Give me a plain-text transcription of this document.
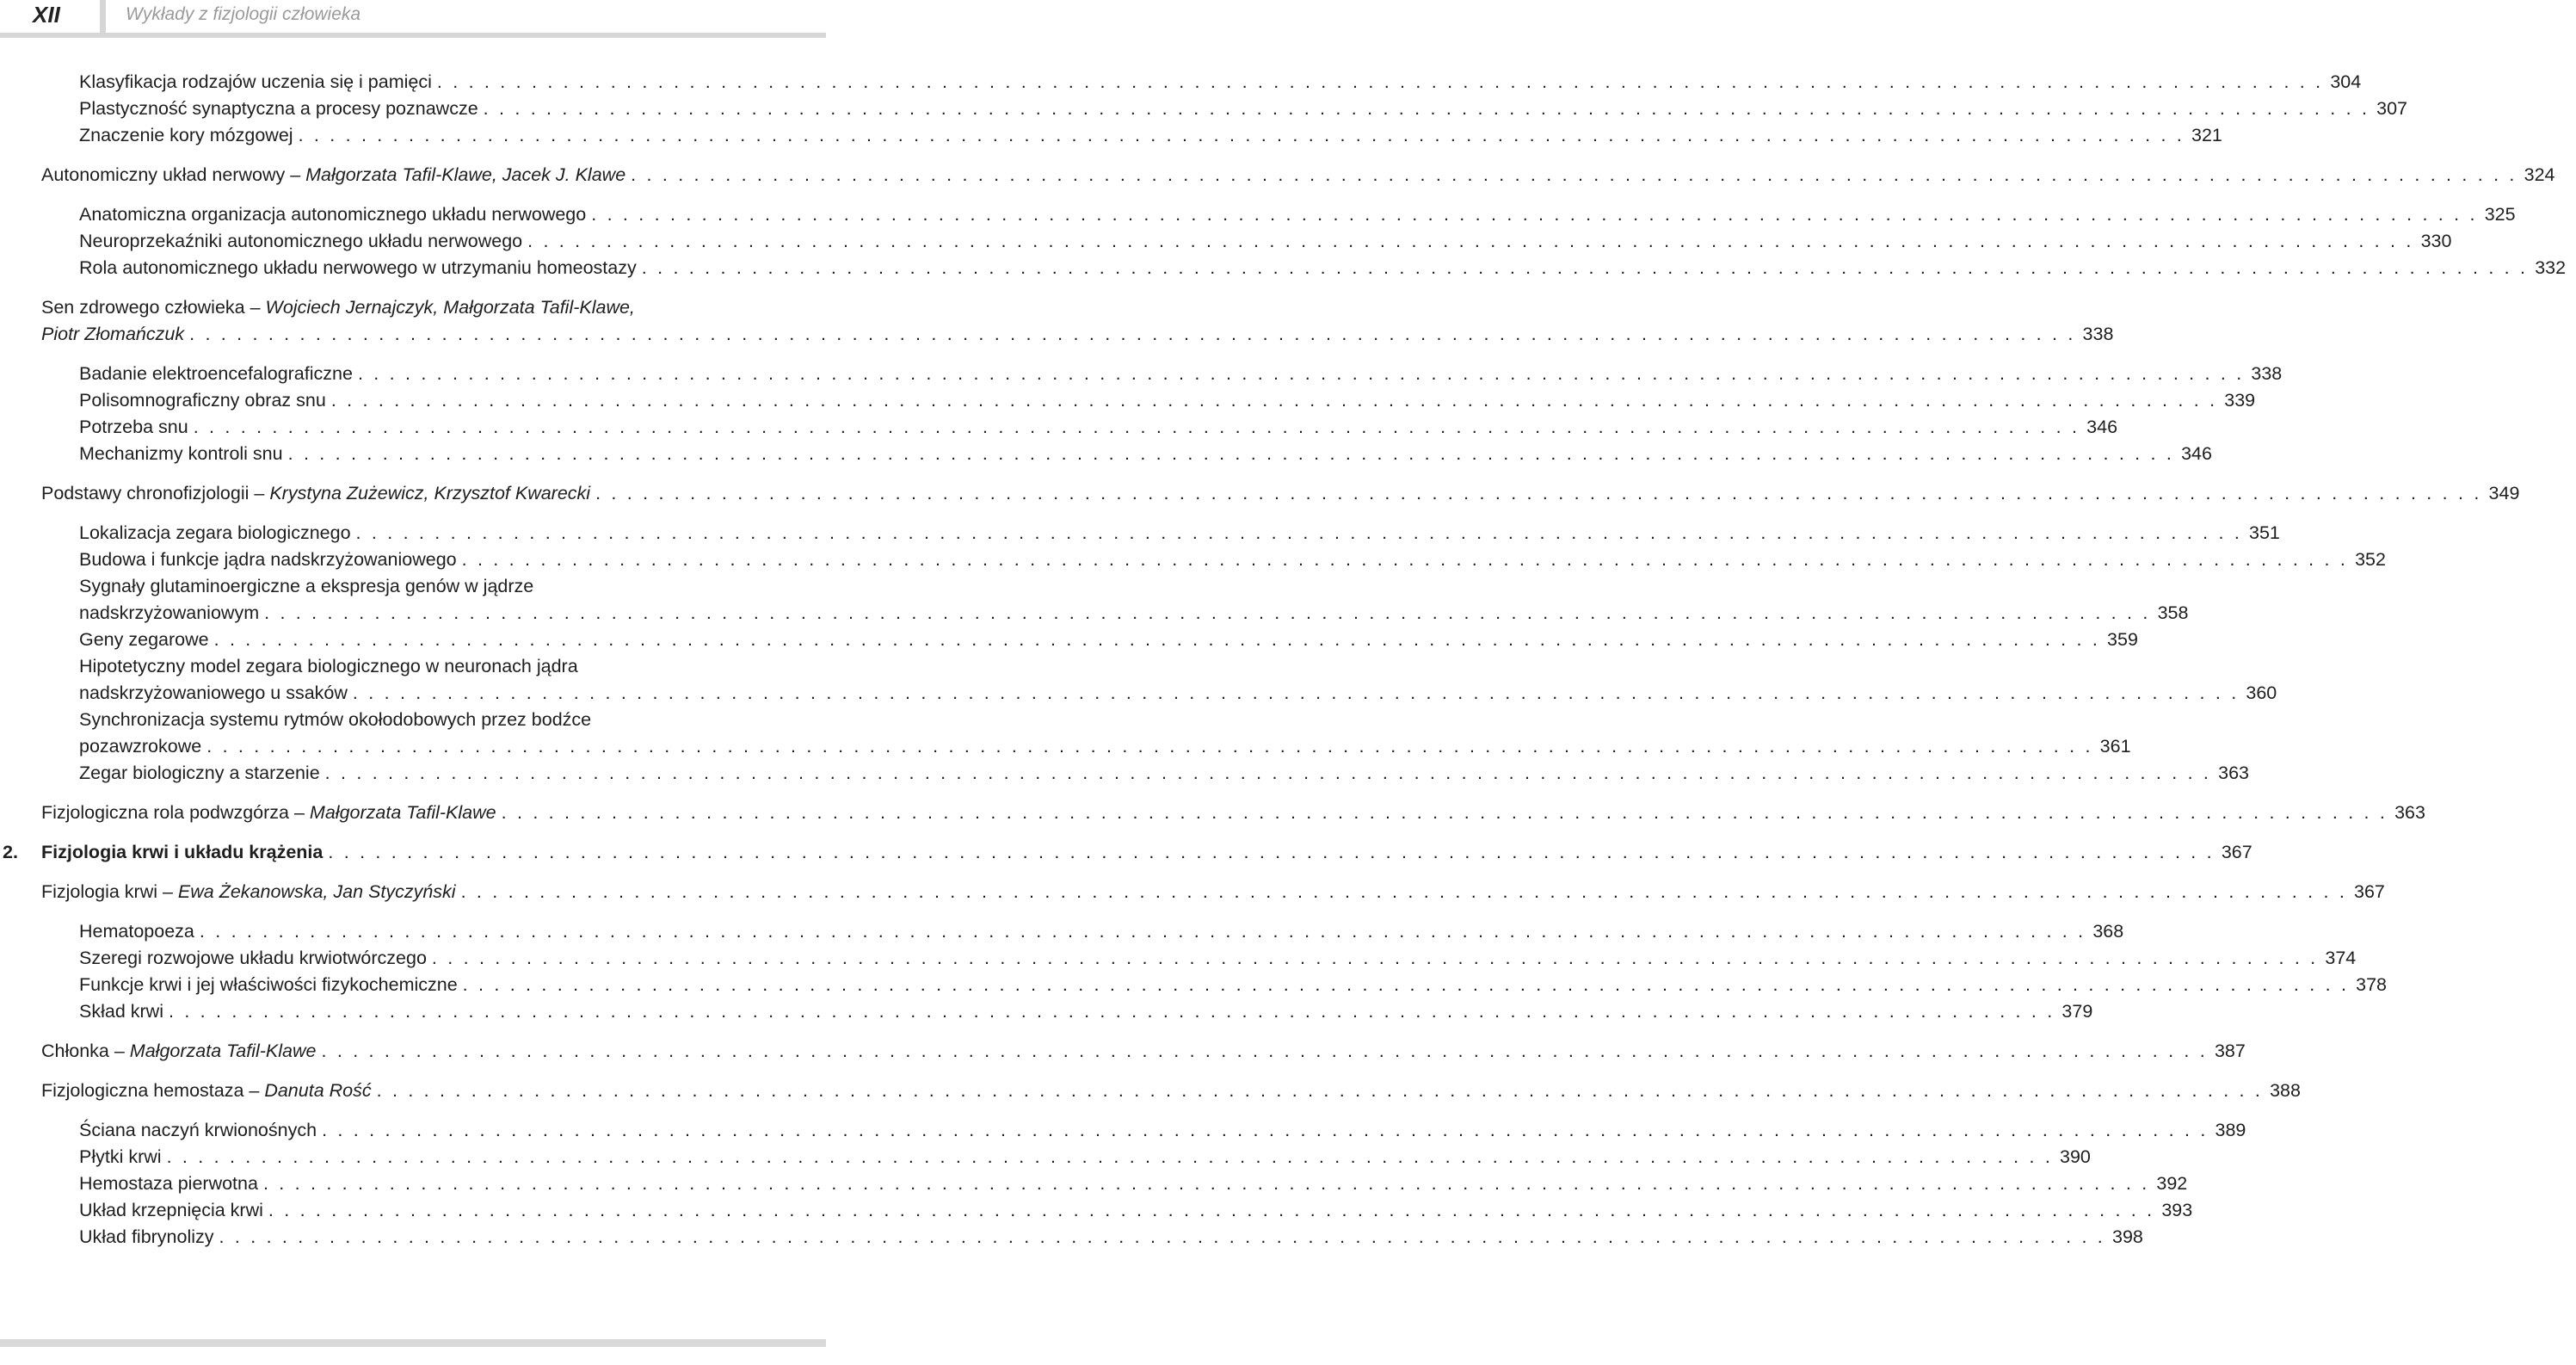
XII	Wykłady z fizjologii człowieka
Klasyfikacja rodzajów uczenia się i pamięci . . . . . . . . . . . . . . . . . . . . . . . . . . . . . . . . . . . . . . . . . . . . . . . . . . . . . . . . . . . . . . . . . . . . . . . . . . . . . . . . . . . . . . . . . . . . . . . . . . . . . . . . . . . . . . . . . . . . . . . . 304
Plastyczność synaptyczna a procesy poznawcze . . . . . . . . . . . . . . . . . . . . . . . . . . . . . . . . . . . . . . . . . . . . . . . . . . . . . . . . . . . . . . . . . . . . . . . . . . . . . . . . . . . . . . . . . . . . . . . . . . . . . . . . . . . . . . . . . . . . . . . . 307
Znaczenie kory mózgowej . . . . . . . . . . . . . . . . . . . . . . . . . . . . . . . . . . . . . . . . . . . . . . . . . . . . . . . . . . . . . . . . . . . . . . . . . . . . . . . . . . . . . . . . . . . . . . . . . . . . . . . . . . . . . . . . . . . . . . . . 321
Autonomiczny układ nerwowy – Małgorzata Tafil-Klawe, Jacek J. Klawe . . . . . . . . . . . . . . . . . . . . . . . . . . . . . . . . . . . . . . . . . . . . . . . . . . . . . . . . . . . . . . . . . . . . . . . . . . . . . . . . . . . . . . . . . . . . . . . . . . . . . . . . . . . . . . . . . . . . . . . . 324
Anatomiczna organizacja autonomicznego układu nerwowego . . . . . . . . . . . . . . . . . . . . . . . . . . . . . . . . . . . . . . . . . . . . . . . . . . . . . . . . . . . . . . . . . . . . . . . . . . . . . . . . . . . . . . . . . . . . . . . . . . . . . . . . . . . . . . . . . . . . . . . . 325
Neuroprzekaźniki autonomicznego układu nerwowego . . . . . . . . . . . . . . . . . . . . . . . . . . . . . . . . . . . . . . . . . . . . . . . . . . . . . . . . . . . . . . . . . . . . . . . . . . . . . . . . . . . . . . . . . . . . . . . . . . . . . . . . . . . . . . . . . . . . . . . . 330
Rola autonomicznego układu nerwowego w utrzymaniu homeostazy . . . . . . . . . . . . . . . . . . . . . . . . . . . . . . . . . . . . . . . . . . . . . . . . . . . . . . . . . . . . . . . . . . . . . . . . . . . . . . . . . . . . . . . . . . . . . . . . . . . . . . . . . . . . . . . . . . . . . . . . 332
Sen zdrowego człowieka – Wojciech Jernajczyk, Małgorzata Tafil-Klawe,
Piotr Złomańczuk . . . . . . . . . . . . . . . . . . . . . . . . . . . . . . . . . . . . . . . . . . . . . . . . . . . . . . . . . . . . . . . . . . . . . . . . . . . . . . . . . . . . . . . . . . . . . . . . . . . . . . . . . . . . . . . . . . . . . . . . 338
Badanie elektroencefalograficzne . . . . . . . . . . . . . . . . . . . . . . . . . . . . . . . . . . . . . . . . . . . . . . . . . . . . . . . . . . . . . . . . . . . . . . . . . . . . . . . . . . . . . . . . . . . . . . . . . . . . . . . . . . . . . . . . . . . . . . . . 338
Polisomnograficzny obraz snu . . . . . . . . . . . . . . . . . . . . . . . . . . . . . . . . . . . . . . . . . . . . . . . . . . . . . . . . . . . . . . . . . . . . . . . . . . . . . . . . . . . . . . . . . . . . . . . . . . . . . . . . . . . . . . . . . . . . . . . . 339
Potrzeba snu . . . . . . . . . . . . . . . . . . . . . . . . . . . . . . . . . . . . . . . . . . . . . . . . . . . . . . . . . . . . . . . . . . . . . . . . . . . . . . . . . . . . . . . . . . . . . . . . . . . . . . . . . . . . . . . . . . . . . . . . 346
Mechanizmy kontroli snu . . . . . . . . . . . . . . . . . . . . . . . . . . . . . . . . . . . . . . . . . . . . . . . . . . . . . . . . . . . . . . . . . . . . . . . . . . . . . . . . . . . . . . . . . . . . . . . . . . . . . . . . . . . . . . . . . . . . . . . . 346
Podstawy chronofizjologii – Krystyna Zużewicz, Krzysztof Kwarecki . . . . . . . . . . . . . . . . . . . . . . . . . . . . . . . . . . . . . . . . . . . . . . . . . . . . . . . . . . . . . . . . . . . . . . . . . . . . . . . . . . . . . . . . . . . . . . . . . . . . . . . . . . . . . . . . . . . . . . . . 349
Lokalizacja zegara biologicznego . . . . . . . . . . . . . . . . . . . . . . . . . . . . . . . . . . . . . . . . . . . . . . . . . . . . . . . . . . . . . . . . . . . . . . . . . . . . . . . . . . . . . . . . . . . . . . . . . . . . . . . . . . . . . . . . . . . . . . . . 351
Budowa i funkcje jądra nadskrzyżowaniowego . . . . . . . . . . . . . . . . . . . . . . . . . . . . . . . . . . . . . . . . . . . . . . . . . . . . . . . . . . . . . . . . . . . . . . . . . . . . . . . . . . . . . . . . . . . . . . . . . . . . . . . . . . . . . . . . . . . . . . . . 352
Sygnały glutaminoergiczne a ekspresja genów w jądrze
nadskrzyżowaniowym . . . . . . . . . . . . . . . . . . . . . . . . . . . . . . . . . . . . . . . . . . . . . . . . . . . . . . . . . . . . . . . . . . . . . . . . . . . . . . . . . . . . . . . . . . . . . . . . . . . . . . . . . . . . . . . . . . . . . . . . 358
Geny zegarowe . . . . . . . . . . . . . . . . . . . . . . . . . . . . . . . . . . . . . . . . . . . . . . . . . . . . . . . . . . . . . . . . . . . . . . . . . . . . . . . . . . . . . . . . . . . . . . . . . . . . . . . . . . . . . . . . . . . . . . . . 359
Hipotetyczny model zegara biologicznego w neuronach jądra
nadskrzyżowaniowego u ssaków . . . . . . . . . . . . . . . . . . . . . . . . . . . . . . . . . . . . . . . . . . . . . . . . . . . . . . . . . . . . . . . . . . . . . . . . . . . . . . . . . . . . . . . . . . . . . . . . . . . . . . . . . . . . . . . . . . . . . . . . 360
Synchronizacja systemu rytmów okołodobowych przez bodźce
pozawzrokowe . . . . . . . . . . . . . . . . . . . . . . . . . . . . . . . . . . . . . . . . . . . . . . . . . . . . . . . . . . . . . . . . . . . . . . . . . . . . . . . . . . . . . . . . . . . . . . . . . . . . . . . . . . . . . . . . . . . . . . . . 361
Zegar biologiczny a starzenie . . . . . . . . . . . . . . . . . . . . . . . . . . . . . . . . . . . . . . . . . . . . . . . . . . . . . . . . . . . . . . . . . . . . . . . . . . . . . . . . . . . . . . . . . . . . . . . . . . . . . . . . . . . . . . . . . . . . . . . . 363
Fizjologiczna rola podwzgórza – Małgorzata Tafil-Klawe . . . . . . . . . . . . . . . . . . . . . . . . . . . . . . . . . . . . . . . . . . . . . . . . . . . . . . . . . . . . . . . . . . . . . . . . . . . . . . . . . . . . . . . . . . . . . . . . . . . . . . . . . . . . . . . . . . . . . . . . 363
2. Fizjologia krwi i układu krążenia . . . . . . . . . . . . . . . . . . . . . . . . . . . . . . . . . . . . . . . . . . . . . . . . . . . . . . . . . . . . . . . . . . . . . . . . . . . . . . . . . . . . . . . . . . . . . . . . . . . . . . . . . . . . . . . . . . . . . . . . 367
Fizjologia krwi – Ewa Żekanowska, Jan Styczyński . . . . . . . . . . . . . . . . . . . . . . . . . . . . . . . . . . . . . . . . . . . . . . . . . . . . . . . . . . . . . . . . . . . . . . . . . . . . . . . . . . . . . . . . . . . . . . . . . . . . . . . . . . . . . . . . . . . . . . . . 367
Hematopoeza . . . . . . . . . . . . . . . . . . . . . . . . . . . . . . . . . . . . . . . . . . . . . . . . . . . . . . . . . . . . . . . . . . . . . . . . . . . . . . . . . . . . . . . . . . . . . . . . . . . . . . . . . . . . . . . . . . . . . . . . 368
Szeregi rozwojowe układu krwiotwórczego . . . . . . . . . . . . . . . . . . . . . . . . . . . . . . . . . . . . . . . . . . . . . . . . . . . . . . . . . . . . . . . . . . . . . . . . . . . . . . . . . . . . . . . . . . . . . . . . . . . . . . . . . . . . . . . . . . . . . . . . 374
Funkcje krwi i jej właściwości fizykochemiczne . . . . . . . . . . . . . . . . . . . . . . . . . . . . . . . . . . . . . . . . . . . . . . . . . . . . . . . . . . . . . . . . . . . . . . . . . . . . . . . . . . . . . . . . . . . . . . . . . . . . . . . . . . . . . . . . . . . . . . . . 378
Skład krwi . . . . . . . . . . . . . . . . . . . . . . . . . . . . . . . . . . . . . . . . . . . . . . . . . . . . . . . . . . . . . . . . . . . . . . . . . . . . . . . . . . . . . . . . . . . . . . . . . . . . . . . . . . . . . . . . . . . . . . . . 379
Chłonka – Małgorzata Tafil-Klawe . . . . . . . . . . . . . . . . . . . . . . . . . . . . . . . . . . . . . . . . . . . . . . . . . . . . . . . . . . . . . . . . . . . . . . . . . . . . . . . . . . . . . . . . . . . . . . . . . . . . . . . . . . . . . . . . . . . . . . . . 387
Fizjologiczna hemostaza – Danuta Rość . . . . . . . . . . . . . . . . . . . . . . . . . . . . . . . . . . . . . . . . . . . . . . . . . . . . . . . . . . . . . . . . . . . . . . . . . . . . . . . . . . . . . . . . . . . . . . . . . . . . . . . . . . . . . . . . . . . . . . . . 388
Ściana naczyń krwionośnych . . . . . . . . . . . . . . . . . . . . . . . . . . . . . . . . . . . . . . . . . . . . . . . . . . . . . . . . . . . . . . . . . . . . . . . . . . . . . . . . . . . . . . . . . . . . . . . . . . . . . . . . . . . . . . . . . . . . . . . . 389
Płytki krwi . . . . . . . . . . . . . . . . . . . . . . . . . . . . . . . . . . . . . . . . . . . . . . . . . . . . . . . . . . . . . . . . . . . . . . . . . . . . . . . . . . . . . . . . . . . . . . . . . . . . . . . . . . . . . . . . . . . . . . . . 390
Hemostaza pierwotna . . . . . . . . . . . . . . . . . . . . . . . . . . . . . . . . . . . . . . . . . . . . . . . . . . . . . . . . . . . . . . . . . . . . . . . . . . . . . . . . . . . . . . . . . . . . . . . . . . . . . . . . . . . . . . . . . . . . . . . . 392
Układ krzepnięcia krwi . . . . . . . . . . . . . . . . . . . . . . . . . . . . . . . . . . . . . . . . . . . . . . . . . . . . . . . . . . . . . . . . . . . . . . . . . . . . . . . . . . . . . . . . . . . . . . . . . . . . . . . . . . . . . . . . . . . . . . . . 393
Układ fibrynolizy . . . . . . . . . . . . . . . . . . . . . . . . . . . . . . . . . . . . . . . . . . . . . . . . . . . . . . . . . . . . . . . . . . . . . . . . . . . . . . . . . . . . . . . . . . . . . . . . . . . . . . . . . . . . . . . . . . . . . . . . 398
